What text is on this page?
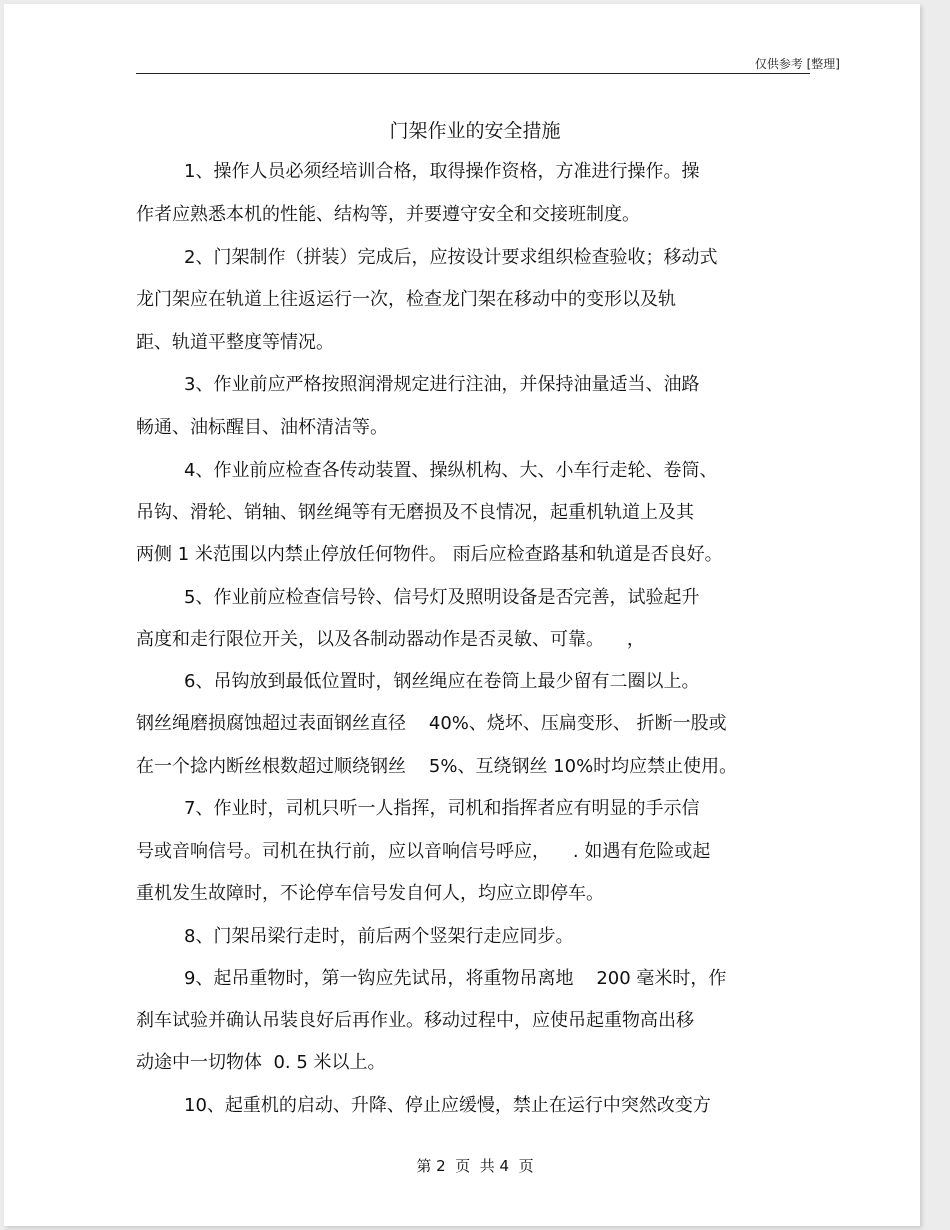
仅供参考 [整理]
门架作业的安全措施
1、操作人员必须经培训合格，取得操作资格，方准进行操作。操
作者应熟悉本机的性能、结构等，并要遵守安全和交接班制度。
2、门架制作（拼装）完成后，应按设计要求组织检查验收；移动式
龙门架应在轨道上往返运行一次，检查龙门架在移动中的变形以及轨
距、轨道平整度等情况。
3、作业前应严格按照润滑规定进行注油，并保持油量适当、油路
畅通、油标醒目、油杯清洁等。
4、作业前应检查各传动装置、操纵机构、大、小车行走轮、卷筒、
吊钩、滑轮、销轴、钢丝绳等有无磨损及不良情况，起重机轨道上及其
两侧 1 米范围以内禁止停放任何物件。 雨后应检查路基和轨道是否良好。
5、作业前应检查信号铃、信号灯及照明设备是否完善，试验起升
高度和走行限位开关，以及各制动器动作是否灵敏、可靠。    ，
6、吊钩放到最低位置时，钢丝绳应在卷筒上最少留有二圈以上。
钢丝绳磨损腐蚀超过表面钢丝直径    40%、烧坏、压扁变形、 折断一股或
在一个捻内断丝根数超过顺绕钢丝    5%、互绕钢丝 10%时均应禁止使用。
7、作业时，司机只听一人指挥，司机和指挥者应有明显的手示信
号或音响信号。司机在执行前，应以音响信号呼应，    . 如遇有危险或起
重机发生故障时，不论停车信号发自何人，均应立即停车。
8、门架吊梁行走时，前后两个竖架行走应同步。
9、起吊重物时，第一钩应先试吊，将重物吊离地    200 毫米时，作
刹车试验并确认吊装良好后再作业。移动过程中，应使吊起重物高出移
动途中一切物体  0. 5 米以上。
10、起重机的启动、升降、停止应缓慢，禁止在运行中突然改变方
第 2  页  共 4  页
